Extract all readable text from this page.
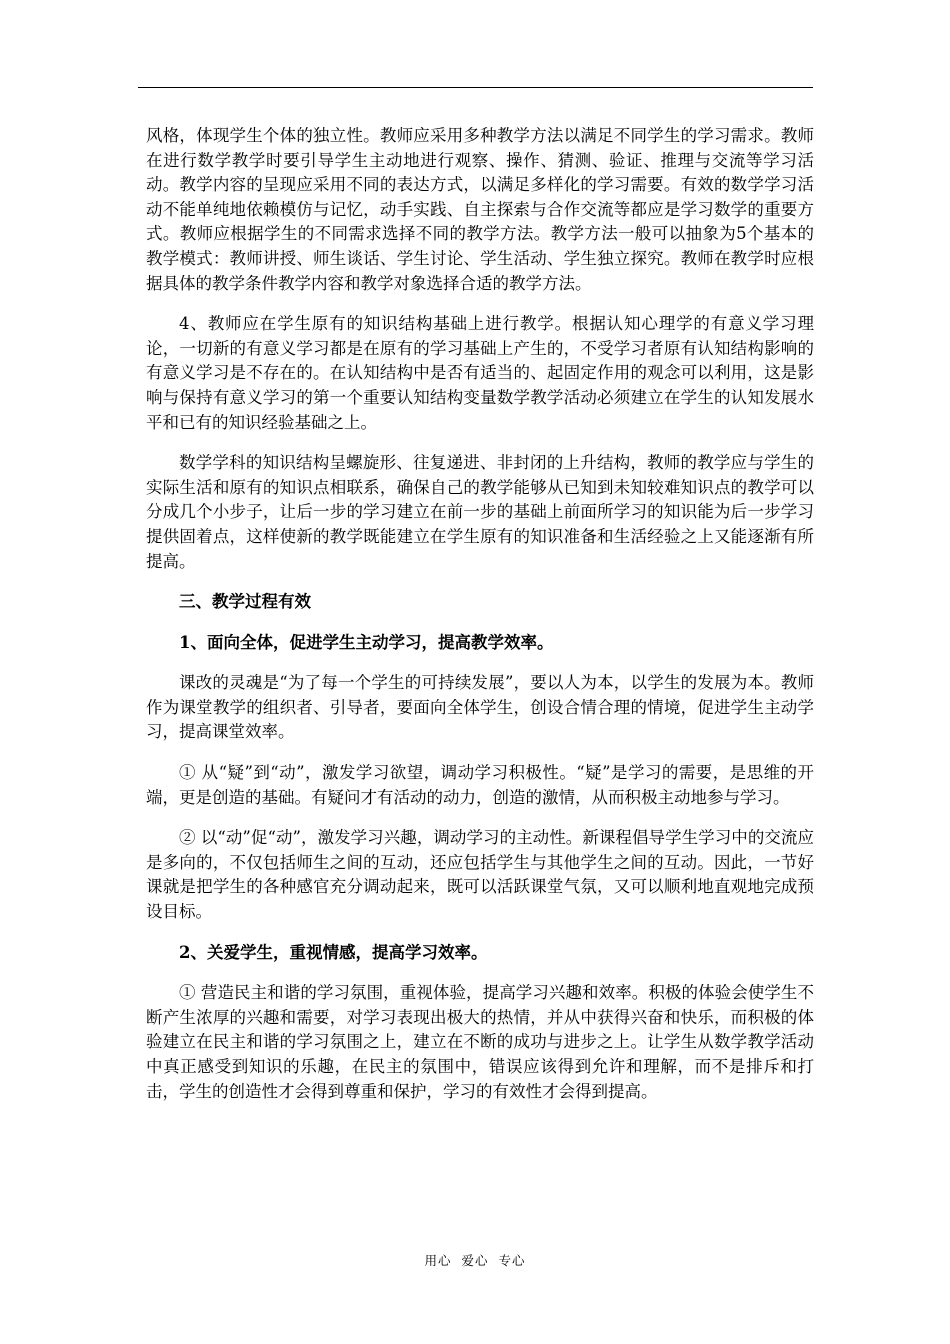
风格，体现学生个体的独立性。教师应采用多种教学方法以满足不同学生的学习需求。教师在进行数学教学时要引导学生主动地进行观察、操作、猜测、验证、推理与交流等学习活动。教学内容的呈现应采用不同的表达方式，以满足多样化的学习需要。有效的数学学习活动不能单纯地依赖模仿与记忆，动手实践、自主探索与合作交流等都应是学习数学的重要方式。教师应根据学生的不同需求选择不同的教学方法。教学方法一般可以抽象为5个基本的教学模式：教师讲授、师生谈话、学生讨论、学生活动、学生独立探究。教师在教学时应根据具体的教学条件教学内容和教学对象选择合适的教学方法。

4、教师应在学生原有的知识结构基础上进行教学。根据认知心理学的有意义学习理论，一切新的有意义学习都是在原有的学习基础上产生的，不受学习者原有认知结构影响的有意义学习是不存在的。在认知结构中是否有适当的、起固定作用的观念可以利用，这是影响与保持有意义学习的第一个重要认知结构变量数学教学活动必须建立在学生的认知发展水平和已有的知识经验基础之上。

数学学科的知识结构呈螺旋形、往复递进、非封闭的上升结构，教师的教学应与学生的实际生活和原有的知识点相联系，确保自己的教学能够从已知到未知较难知识点的教学可以分成几个小步子，让后一步的学习建立在前一步的基础上前面所学习的知识能为后一步学习提供固着点，这样使新的教学既能建立在学生原有的知识准备和生活经验之上又能逐渐有所提高。

三、教学过程有效

1、面向全体，促进学生主动学习，提高教学效率。

课改的灵魂是“为了每一个学生的可持续发展”，要以人为本，以学生的发展为本。教师作为课堂教学的组织者、引导者，要面向全体学生，创设合情合理的情境，促进学生主动学习，提高课堂效率。

① 从“疑”到“动”，激发学习欲望，调动学习积极性。“疑”是学习的需要，是思维的开端，更是创造的基础。有疑问才有活动的动力，创造的激情，从而积极主动地参与学习。

② 以“动”促“动”，激发学习兴趣，调动学习的主动性。新课程倡导学生学习中的交流应是多向的，不仅包括师生之间的互动，还应包括学生与其他学生之间的互动。因此，一节好课就是把学生的各种感官充分调动起来，既可以活跃课堂气氛，又可以顺利地直观地完成预设目标。

2、关爱学生，重视情感，提高学习效率。

① 营造民主和谐的学习氛围，重视体验，提高学习兴趣和效率。积极的体验会使学生不断产生浓厚的兴趣和需要，对学习表现出极大的热情，并从中获得兴奋和快乐，而积极的体验建立在民主和谐的学习氛围之上，建立在不断的成功与进步之上。让学生从数学教学活动中真正感受到知识的乐趣，在民主的氛围中，错误应该得到允许和理解，而不是排斥和打击，学生的创造性才会得到尊重和保护，学习的有效性才会得到提高。

用心  爱心  专心
